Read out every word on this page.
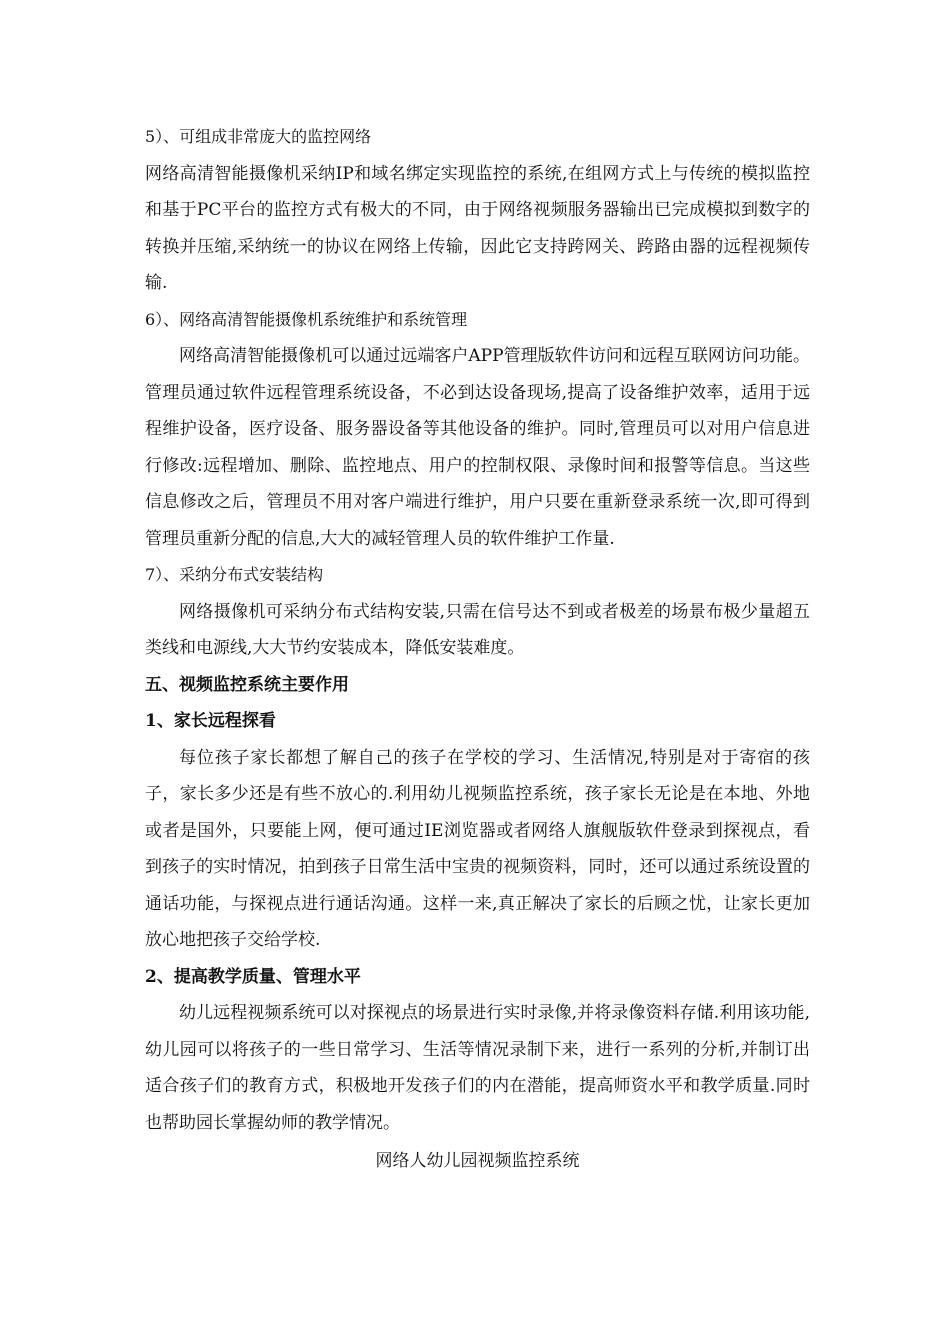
5）、可组成非常庞大的监控网络

网络高清智能摄像机采纳IP和域名绑定实现监控的系统,在组网方式上与传统的模拟监控和基于PC平台的监控方式有极大的不同，由于网络视频服务器输出已完成模拟到数字的转换并压缩,采纳统一的协议在网络上传输，因此它支持跨网关、跨路由器的远程视频传输.

6）、网络高清智能摄像机系统维护和系统管理

网络高清智能摄像机可以通过远端客户APP管理版软件访问和远程互联网访问功能。管理员通过软件远程管理系统设备，不必到达设备现场,提高了设备维护效率，适用于远程维护设备，医疗设备、服务器设备等其他设备的维护。同时,管理员可以对用户信息进行修改:远程增加、删除、监控地点、用户的控制权限、录像时间和报警等信息。当这些信息修改之后，管理员不用对客户端进行维护，用户只要在重新登录系统一次,即可得到管理员重新分配的信息,大大的减轻管理人员的软件维护工作量.

7）、采纳分布式安装结构

网络摄像机可采纳分布式结构安装,只需在信号达不到或者极差的场景布极少量超五类线和电源线,大大节约安装成本，降低安装难度。

五、视频监控系统主要作用

1、家长远程探看

每位孩子家长都想了解自己的孩子在学校的学习、生活情况,特别是对于寄宿的孩子，家长多少还是有些不放心的.利用幼儿视频监控系统，孩子家长无论是在本地、外地或者是国外，只要能上网，便可通过IE浏览器或者网络人旗舰版软件登录到探视点，看到孩子的实时情况，拍到孩子日常生活中宝贵的视频资料，同时，还可以通过系统设置的通话功能，与探视点进行通话沟通。这样一来,真正解决了家长的后顾之忧，让家长更加放心地把孩子交给学校.

2、提高教学质量、管理水平

幼儿远程视频系统可以对探视点的场景进行实时录像,并将录像资料存储.利用该功能,幼儿园可以将孩子的一些日常学习、生活等情况录制下来，进行一系列的分析,并制订出适合孩子们的教育方式，积极地开发孩子们的内在潜能，提高师资水平和教学质量.同时也帮助园长掌握幼师的教学情况。

网络人幼儿园视频监控系统
